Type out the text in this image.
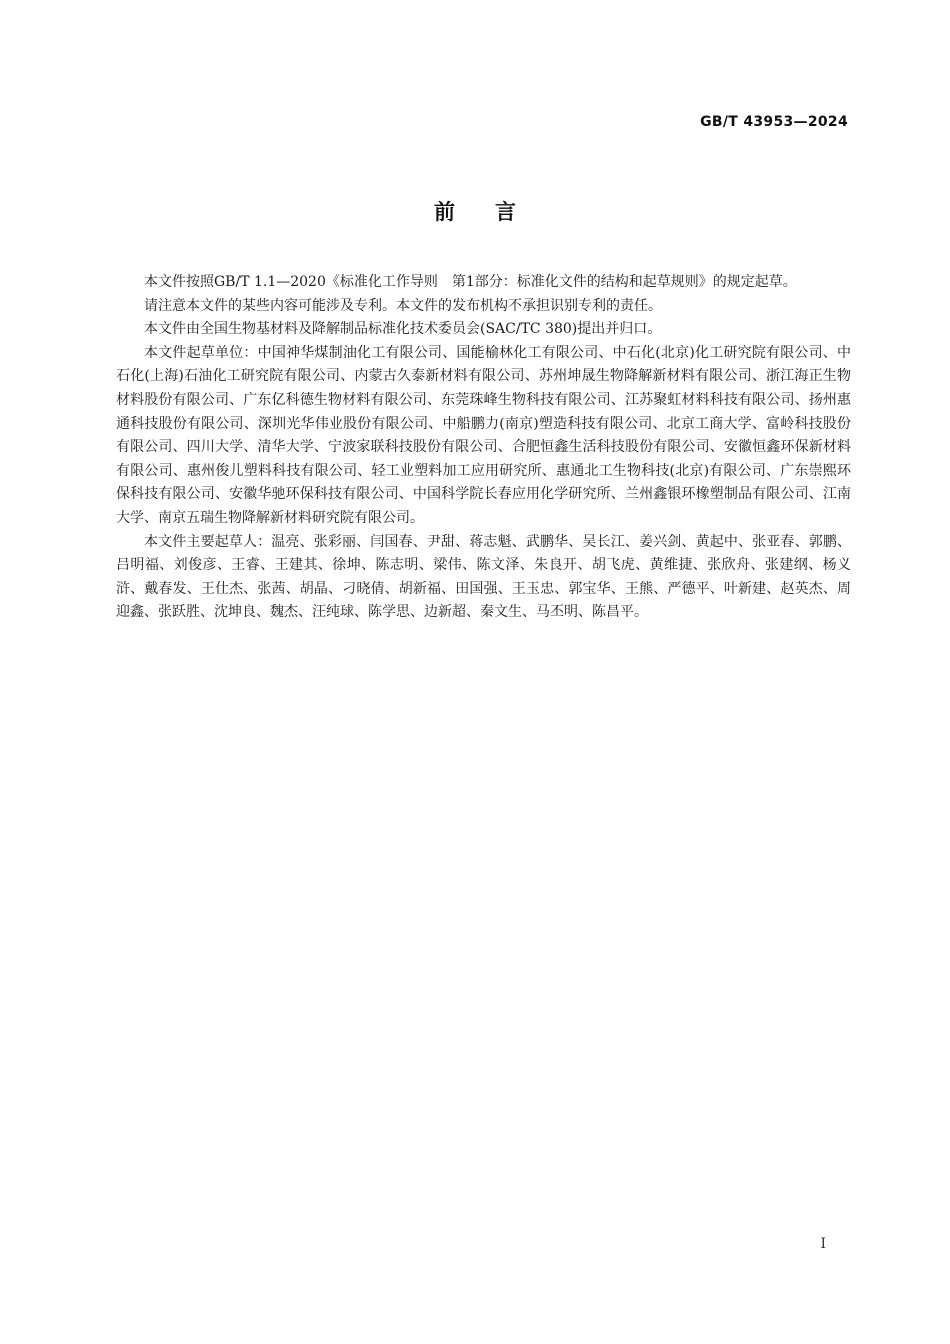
GB/T 43953—2024
前言

本文件按照GB/T 1.1—2020《标准化工作导则　第1部分：标准化文件的结构和起草规则》的规定起草。

请注意本文件的某些内容可能涉及专利。本文件的发布机构不承担识别专利的责任。

本文件由全国生物基材料及降解制品标准化技术委员会(SAC/TC 380)提出并归口。

本文件起草单位：中国神华煤制油化工有限公司、国能榆林化工有限公司、中石化(北京)化工研究院有限公司、中石化(上海)石油化工研究院有限公司、内蒙古久泰新材料有限公司、苏州坤晟生物降解新材料有限公司、浙江海正生物材料股份有限公司、广东亿科德生物材料有限公司、东莞珠峰生物科技有限公司、江苏聚虹材料科技有限公司、扬州惠通科技股份有限公司、深圳光华伟业股份有限公司、中船鹏力(南京)塑造科技有限公司、北京工商大学、富岭科技股份有限公司、四川大学、清华大学、宁波家联科技股份有限公司、合肥恒鑫生活科技股份有限公司、安徽恒鑫环保新材料有限公司、惠州俊儿塑料科技有限公司、轻工业塑料加工应用研究所、惠通北工生物科技(北京)有限公司、广东崇熙环保科技有限公司、安徽华驰环保科技有限公司、中国科学院长春应用化学研究所、兰州鑫银环橡塑制品有限公司、江南大学、南京五瑞生物降解新材料研究院有限公司。

本文件主要起草人：温亮、张彩丽、闫国春、尹甜、蒋志魁、武鹏华、吴长江、姜兴剑、黄起中、张亚春、郭鹏、吕明福、刘俊彦、王睿、王建其、徐坤、陈志明、梁伟、陈文泽、朱良开、胡飞虎、黄维捷、张欣舟、张建纲、杨义浒、戴春发、王仕杰、张茜、胡晶、刁晓倩、胡新福、田国强、王玉忠、郭宝华、王熊、严德平、叶新建、赵英杰、周迎鑫、张跃胜、沈坤良、魏杰、汪纯球、陈学思、边新超、秦文生、马丕明、陈昌平。

I
